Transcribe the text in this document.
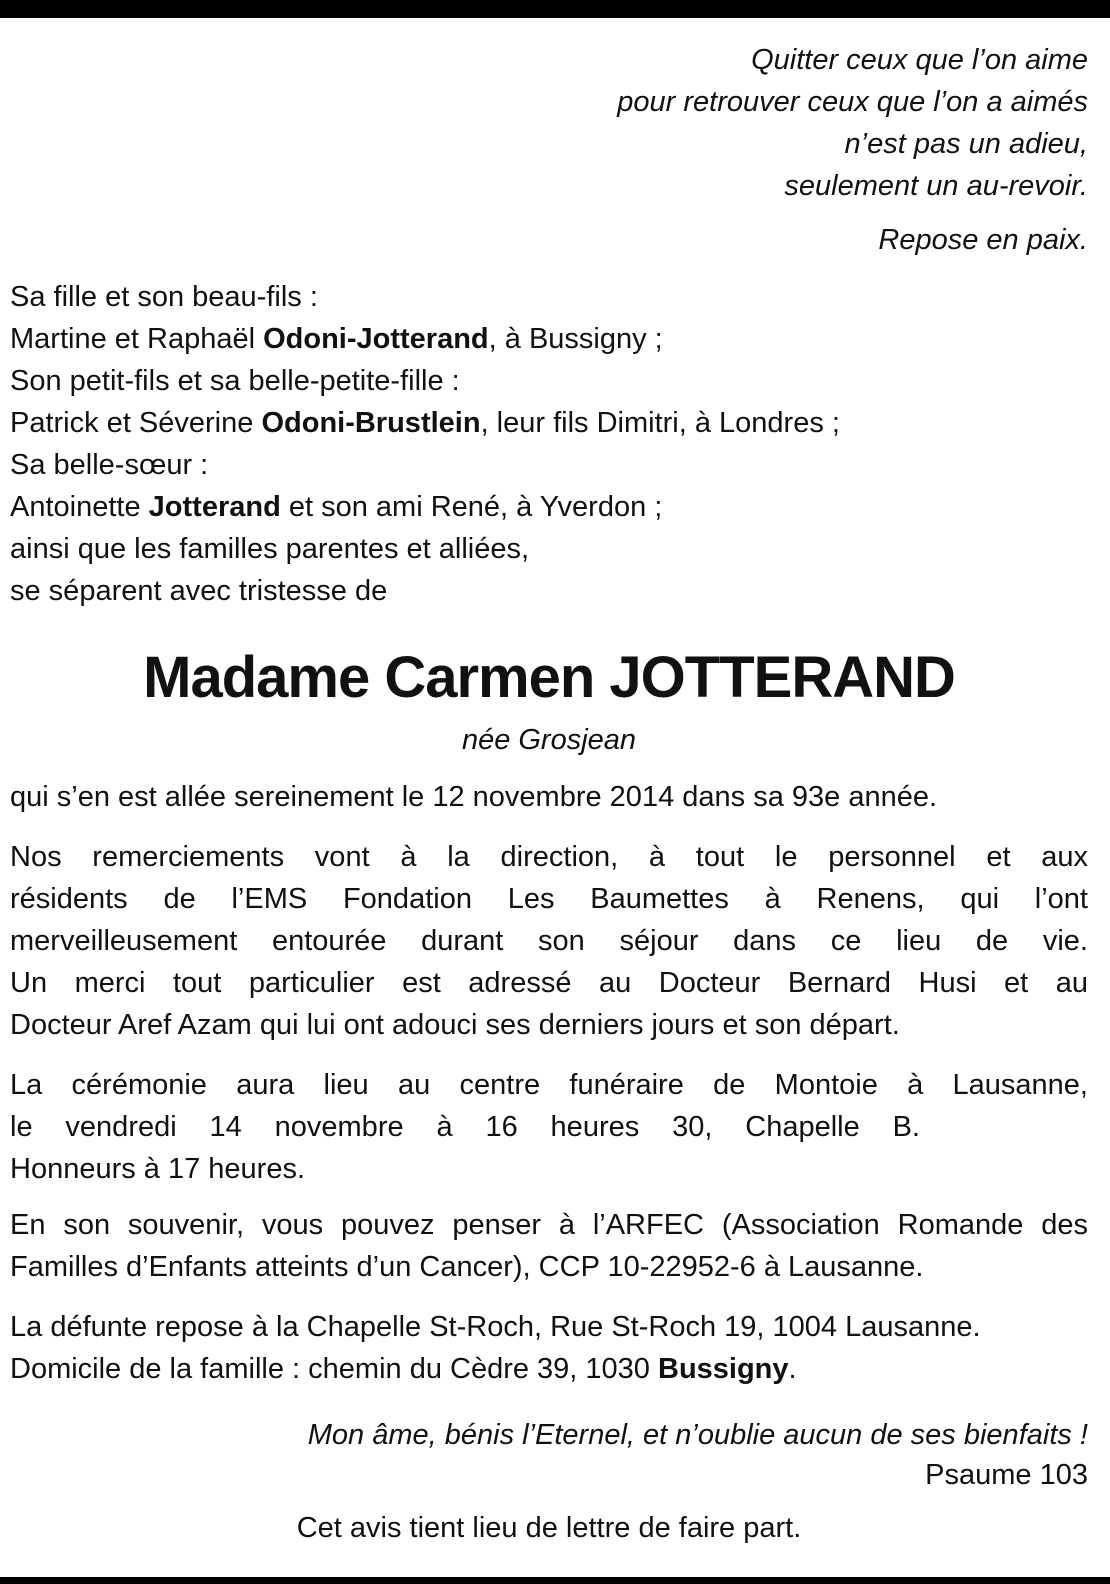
Quitter ceux que l’on aime
pour retrouver ceux que l’on a aimés
n’est pas un adieu,
seulement un au-revoir.
Repose en paix.
Sa fille et son beau-fils :
Martine et Raphaël Odoni-Jotterand, à Bussigny ;
Son petit-fils et sa belle-petite-fille :
Patrick et Séverine Odoni-Brustlein, leur fils Dimitri, à Londres ;
Sa belle-sœur :
Antoinette Jotterand et son ami René, à Yverdon ;
ainsi que les familles parentes et alliées,
se séparent avec tristesse de
Madame Carmen JOTTERAND
née Grosjean
qui s’en est allée sereinement le 12 novembre 2014 dans sa 93e année.
Nos remerciements vont à la direction, à tout le personnel et aux
résidents de l’EMS Fondation Les Baumettes à Renens, qui l’ont
merveilleusement entourée durant son séjour dans ce lieu de vie.
Un merci tout particulier est adressé au Docteur Bernard Husi et au
Docteur Aref Azam qui lui ont adouci ses derniers jours et son départ.
La cérémonie aura lieu au centre funéraire de Montoie à Lausanne,
le vendredi 14 novembre à 16 heures 30, Chapelle B.
Honneurs à 17 heures.
En son souvenir, vous pouvez penser à l’ARFEC (Association Romande des
Familles d’Enfants atteints d’un Cancer), CCP 10-22952-6 à Lausanne.
La défunte repose à la Chapelle St-Roch, Rue St-Roch 19, 1004 Lausanne.
Domicile de la famille : chemin du Cèdre 39, 1030 Bussigny.
Mon âme, bénis l’Eternel, et n’oublie aucun de ses bienfaits !
Psaume 103
Cet avis tient lieu de lettre de faire part.
